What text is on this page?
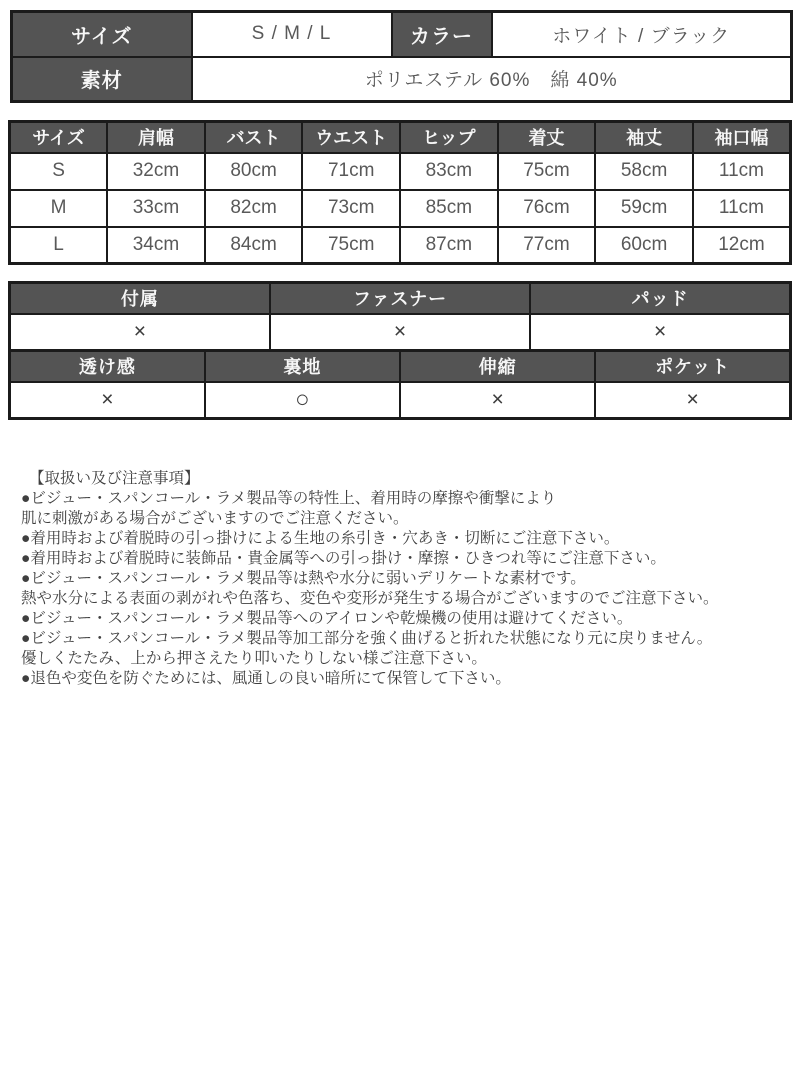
サイズ	S / M / L	カラー	ホワイト / ブラック
素材	ポリエステル 60%　綿 40%		
サイズ	肩幅	バスト	ウエスト	ヒップ	着丈	袖丈	袖口幅
S	32cm	80cm	71cm	83cm	75cm	58cm	11cm
M	33cm	82cm	73cm	85cm	76cm	59cm	11cm
L	34cm	84cm	75cm	87cm	77cm	60cm	12cm
付属	ファスナー	パッド
×	×	×
透け感	裏地	伸縮	ポケット
×	○	×	×
【取扱い及び注意事項】
●ビジュー・スパンコール・ラメ製品等の特性上、着用時の摩擦や衝撃により
肌に刺激がある場合がございますのでご注意ください。
●着用時および着脱時の引っ掛けによる生地の糸引き・穴あき・切断にご注意下さい。
●着用時および着脱時に装飾品・貴金属等への引っ掛け・摩擦・ひきつれ等にご注意下さい。
●ビジュー・スパンコール・ラメ製品等は熱や水分に弱いデリケートな素材です。
熱や水分による表面の剥がれや色落ち、変色や変形が発生する場合がございますのでご注意下さい。
●ビジュー・スパンコール・ラメ製品等へのアイロンや乾燥機の使用は避けてください。
●ビジュー・スパンコール・ラメ製品等加工部分を強く曲げると折れた状態になり元に戻りません。
優しくたたみ、上から押さえたり叩いたりしない様ご注意下さい。
●退色や変色を防ぐためには、風通しの良い暗所にて保管して下さい。
